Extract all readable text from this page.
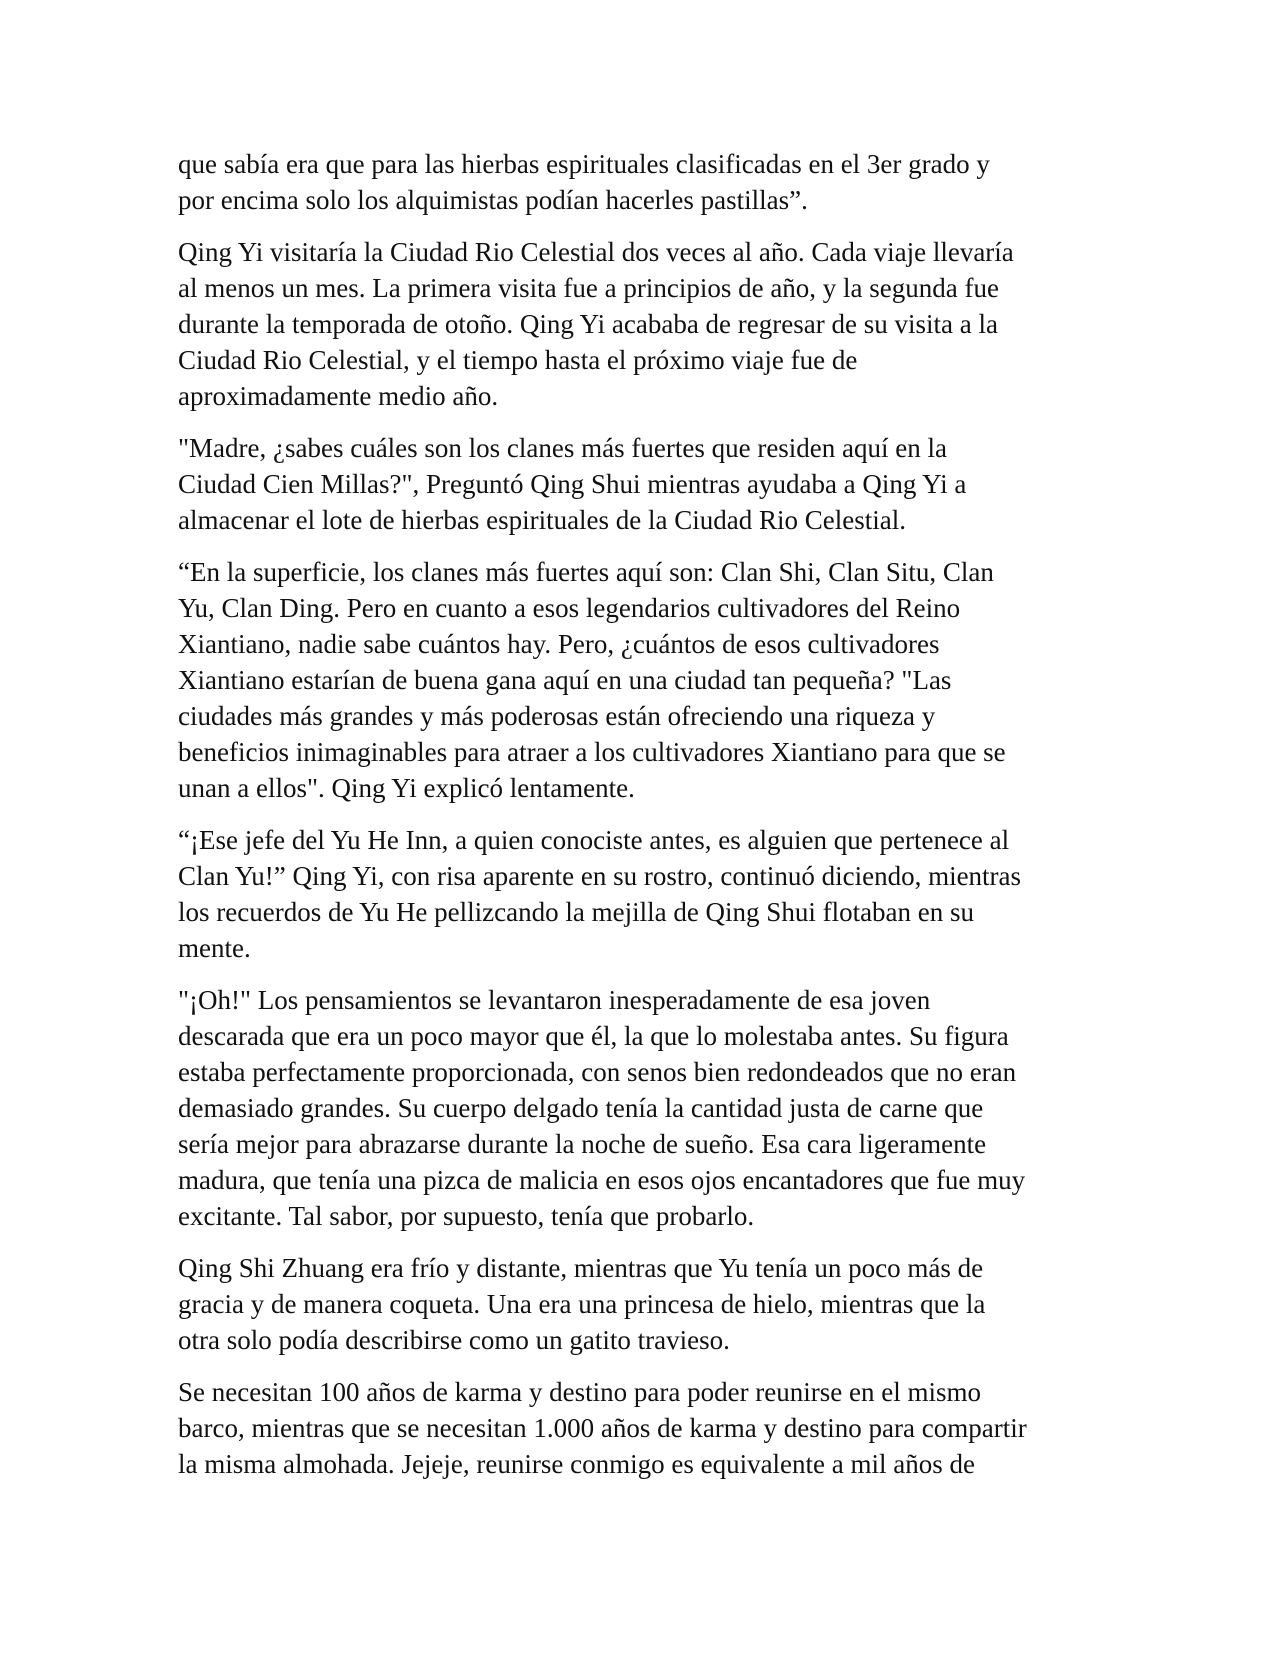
que sabía era que para las hierbas espirituales clasificadas en el 3er grado y
por encima solo los alquimistas podían hacerles pastillas”.

Qing Yi visitaría la Ciudad Rio Celestial dos veces al año. Cada viaje llevaría
al menos un mes. La primera visita fue a principios de año, y la segunda fue
durante la temporada de otoño. Qing Yi acababa de regresar de su visita a la
Ciudad Rio Celestial, y el tiempo hasta el próximo viaje fue de
aproximadamente medio año.

"Madre, ¿sabes cuáles son los clanes más fuertes que residen aquí en la
Ciudad Cien Millas?", Preguntó Qing Shui mientras ayudaba a Qing Yi a
almacenar el lote de hierbas espirituales de la Ciudad Rio Celestial.

“En la superficie, los clanes más fuertes aquí son: Clan Shi, Clan Situ, Clan
Yu, Clan Ding. Pero en cuanto a esos legendarios cultivadores del Reino
Xiantiano, nadie sabe cuántos hay. Pero, ¿cuántos de esos cultivadores
Xiantiano estarían de buena gana aquí en una ciudad tan pequeña? "Las
ciudades más grandes y más poderosas están ofreciendo una riqueza y
beneficios inimaginables para atraer a los cultivadores Xiantiano para que se
unan a ellos". Qing Yi explicó lentamente.

“¡Ese jefe del Yu He Inn, a quien conociste antes, es alguien que pertenece al
Clan Yu!” Qing Yi, con risa aparente en su rostro, continuó diciendo, mientras
los recuerdos de Yu He pellizcando la mejilla de Qing Shui flotaban en su
mente.

"¡Oh!" Los pensamientos se levantaron inesperadamente de esa joven
descarada que era un poco mayor que él, la que lo molestaba antes. Su figura
estaba perfectamente proporcionada, con senos bien redondeados que no eran
demasiado grandes. Su cuerpo delgado tenía la cantidad justa de carne que
sería mejor para abrazarse durante la noche de sueño. Esa cara ligeramente
madura, que tenía una pizca de malicia en esos ojos encantadores que fue muy
excitante. Tal sabor, por supuesto, tenía que probarlo.

Qing Shi Zhuang era frío y distante, mientras que Yu tenía un poco más de
gracia y de manera coqueta. Una era una princesa de hielo, mientras que la
otra solo podía describirse como un gatito travieso.

Se necesitan 100 años de karma y destino para poder reunirse en el mismo
barco, mientras que se necesitan 1.000 años de karma y destino para compartir
la misma almohada. Jejeje, reunirse conmigo es equivalente a mil años de
